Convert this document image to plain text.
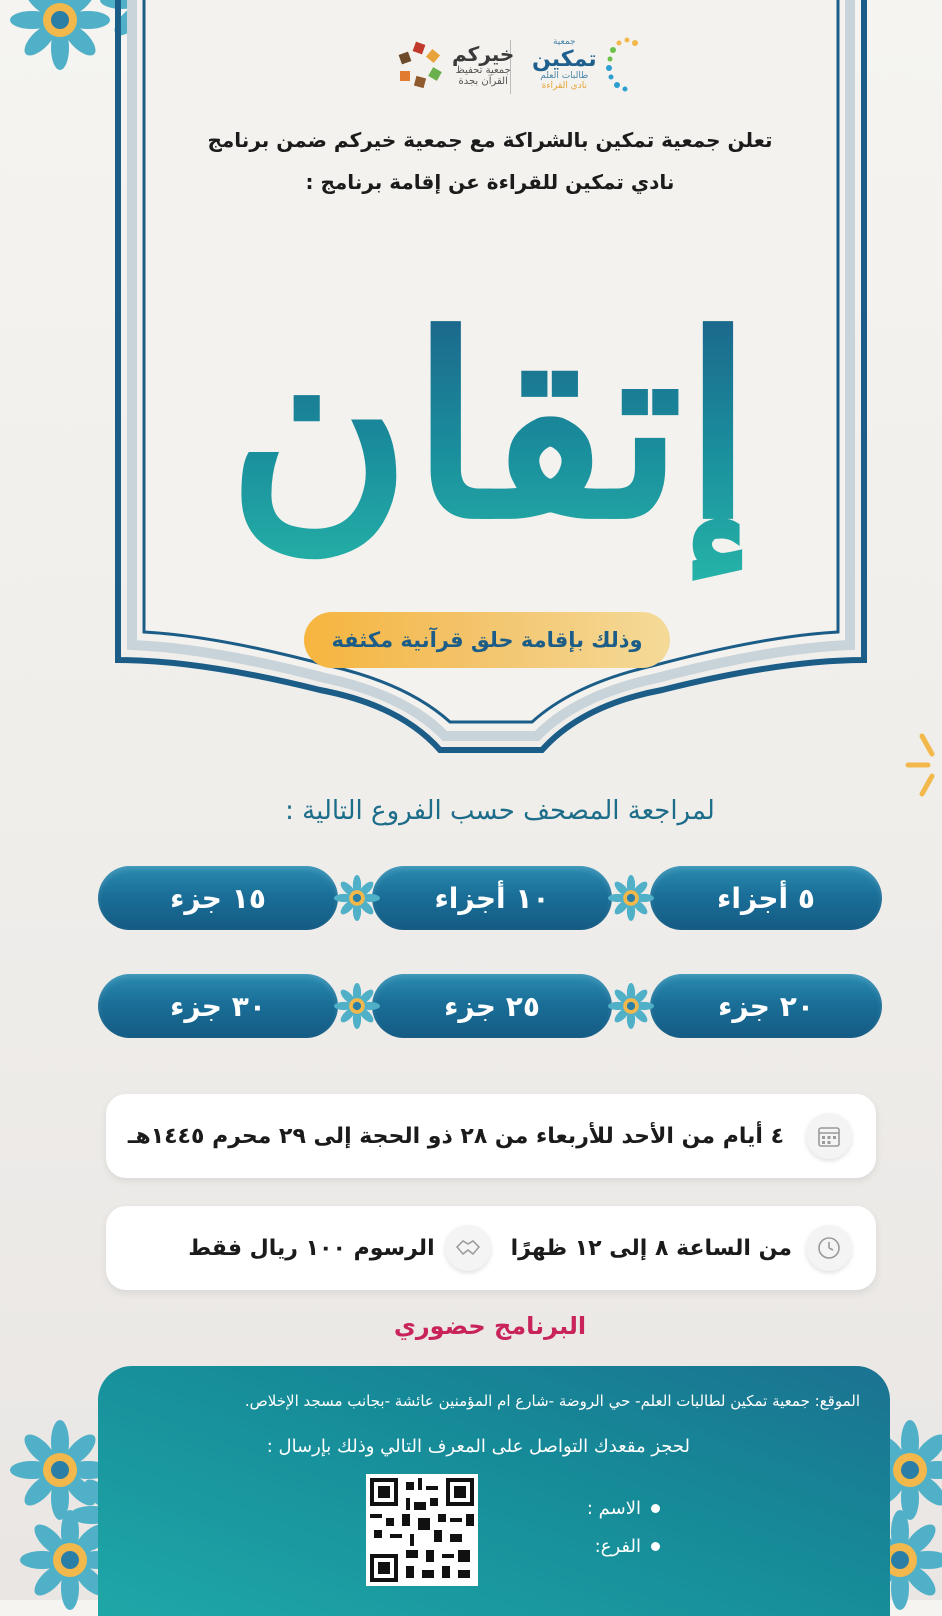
جمعية
تمكين
طالبات العلم
نادي القراءة
خيركم
جمعية تحفيظ
القرآن بجدة
تعلن جمعية تمكين بالشراكة مع جمعية خيركم ضمن برنامج
نادي تمكين للقراءة عن إقامة برنامج :
إتقان
وذلك بإقامة حلق قرآنية مكثفة
لمراجعة المصحف حسب الفروع التالية :
٥ أجزاء
١٠ أجزاء
١٥ جزء
٢٠ جزء
٢٥ جزء
٣٠ جزء
٤ أيام من الأحد للأربعاء من ٢٨ ذو الحجة إلى ٢٩ محرم ١٤٤٥هـ
من الساعة ٨ إلى ١٢ ظهرًا
الرسوم ١٠٠ ريال فقط
البرنامج حضوري
الموقع: جمعية تمكين لطالبات العلم- حي الروضة -شارع ام المؤمنين عائشة -بجانب مسجد الإخلاص.
لحجز مقعدك التواصل على المعرف التالي وذلك بإرسال :
الاسم :
الفرع:
